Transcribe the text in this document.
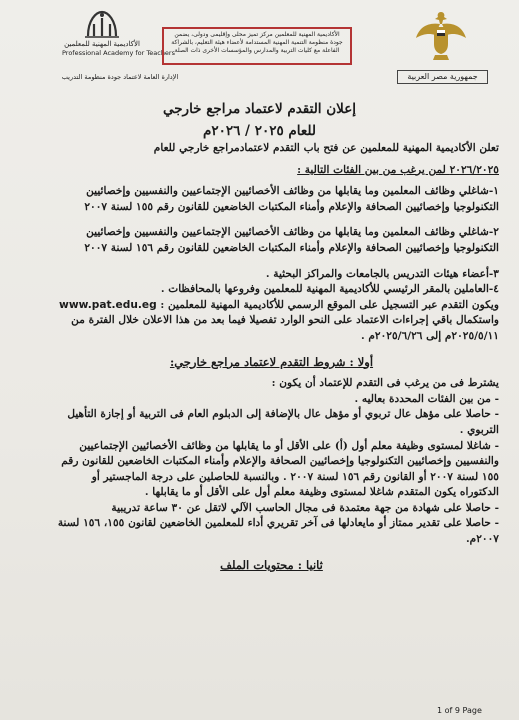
الأكاديمية المهنية للمعلمين
Professional Academy for Teachers
الأكاديمية المهنية للمعلمين مركز تميز محلى وإقليمى ودولى، يضمن
جودة منظومة التنمية المهنية المستدامة لأعضاء هيئة التعليم، بالشراكة
الفاعلة مع كليات التربية والمدارس والمؤسسات الأخرى ذات الصلة
جمهورية مصر العربية
الإدارة العامة لاعتماد جودة منظومة التدريب
إعلان التقدم لاعتماد مراجع خارجي
للعام ٢٠٢٥ / ٢٠٢٦م

تعلن الأكاديمية المهنية للمعلمين عن فتح باب التقدم لاعتمادمراجع خارجي للعام

٢٠٢٦/٢٠٢٥ لمن يرغب من بين الفئات التالية :

١-شاغلي وظائف المعلمين وما يقابلها من وظائف الأخصائيين الإجتماعيين والنفسيين وإخصائيين

التكنولوجيا وإخصائيين الصحافة والإعلام وأمناء المكتبات الخاضعين للقانون رقم ١٥٥ لسنة ٢٠٠٧

٢-شاغلي وظائف المعلمين وما يقابلها من وظائف الأخصائيين الإجتماعيين والنفسيين وإخصائيين

التكنولوجيا وإخصائيين الصحافة والإعلام وأمناء المكتبات الخاضعين للقانون رقم ١٥٦ لسنة ٢٠٠٧

٣-أعضاء هيئات التدريس بالجامعات والمراكز البحثية .

٤-العاملين بالمقر الرئيسي للأكاديمية المهنية للمعلمين وفروعها بالمحافظات .

ويكون التقدم عبر التسجيل على الموقع الرسمي للأكاديمية المهنية للمعلمين : www.pat.edu.eg

واستكمال باقي إجراءات الاعتماد على النحو الوارد تفصيلا فيما بعد من هذا الاعلان خلال الفترة من

٢٠٢٥/٥/١١م إلى ٢٠٢٥/٦/٢٦م .

أولا : شروط التقدم لاعتماد مراجع خارجي:

يشترط فى من يرغب فى التقدم للإعتماد أن يكون :

- من بين الفئات المحددة بعاليه .

- حاصلا على مؤهل عال تربوي أو مؤهل عال بالإضافة إلى الدبلوم العام فى التربية أو إجازة التأهيل

التربوي .

- شاغلا لمستوى وظيفة معلم أول (أ) على الأقل أو ما يقابلها من وظائف الأخصائيين الإجتماعيين

والنفسيين وإخصائيين التكنولوجيا وإخصائيين الصحافة والإعلام وأمناء المكتبات الخاضعين للقانون رقم

١٥٥ لسنة ٢٠٠٧ أو القانون رقم ١٥٦ لسنة ٢٠٠٧ . وبالنسبة للحاصلين على درجة الماجستير أو

الدكتوراه يكون المتقدم شاغلا لمستوى وظيفة معلم أول على الأقل أو ما يقابلها .

- حاصلا على شهادة من جهة معتمدة فى مجال الحاسب الآلي لاتقل عن ٣٠ ساعة تدريبية

- حاصلا على تقدير ممتاز أو مايعادلها فى آخر تقريري أداء للمعلمين الخاضعين لقانون ١٥٥، ١٥٦ لسنة

٢٠٠٧م.

ثانيا : محتويات الملف

1 of 9 Page
